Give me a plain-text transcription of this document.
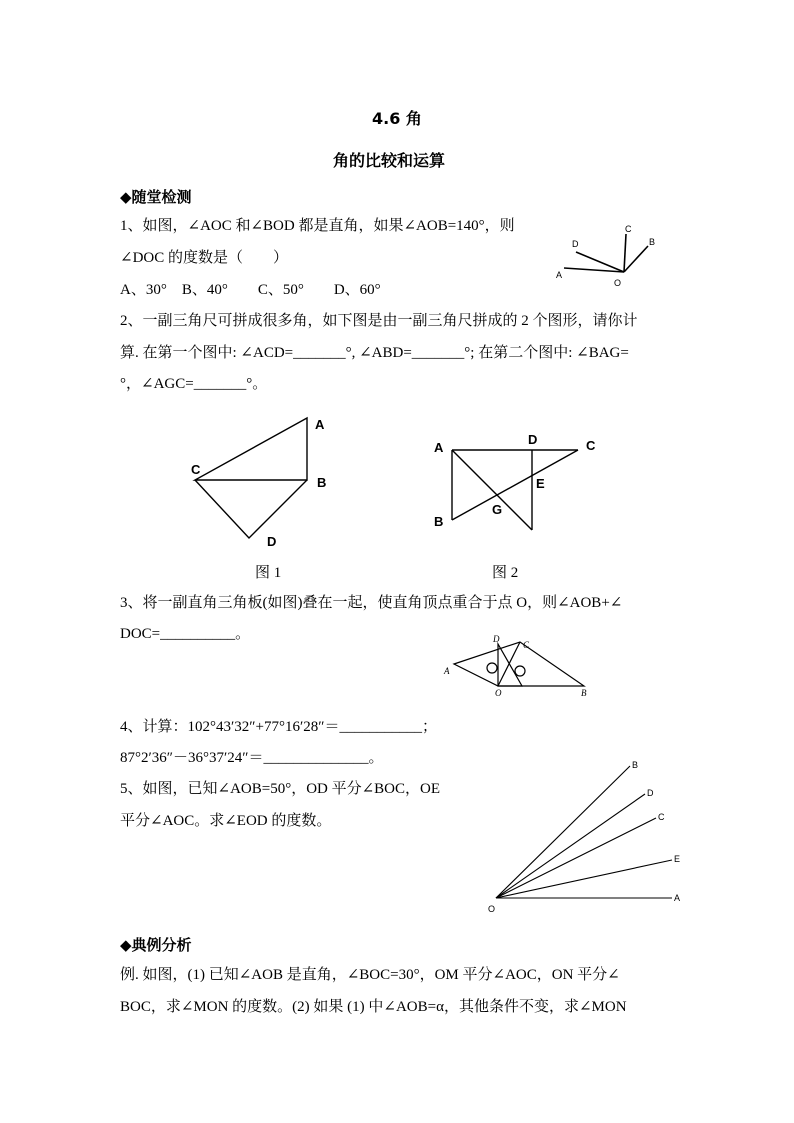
4.6 角
角的比较和运算
◆随堂检测
1、如图，∠AOC 和∠BOD 都是直角，如果∠AOB=140°，则
∠DOC 的度数是（　　）
A、30°　B、40°　　C、50°　　D、60°
A
D
C
B
O
2、一副三角尺可拼成很多角，如下图是由一副三角尺拼成的 2 个图形，请你计
算. 在第一个图中: ∠ACD=_______°, ∠ABD=_______°; 在第二个图中: ∠BAG=
°，∠AGC=_______°。
A
C
B
D
图 1
A
D	C
E
G
B
图 2
3、将一副直角三角板(如图)叠在一起，使直角顶点重合于点 O，则∠AOB+∠
DOC=__________。
A
D
C
B
O
4、计算：102°43′32″+77°16′28″＝___________；
87°2′36″－36°37′24″＝______________。
5、如图，已知∠AOB=50°，OD 平分∠BOC，OE
平分∠AOC。求∠EOD 的度数。
B
D
C
E
A
O
◆典例分析
例. 如图，(1) 已知∠AOB 是直角，∠BOC=30°，OM 平分∠AOC，ON 平分∠
BOC，求∠MON 的度数。(2) 如果 (1) 中∠AOB=α，其他条件不变，求∠MON
